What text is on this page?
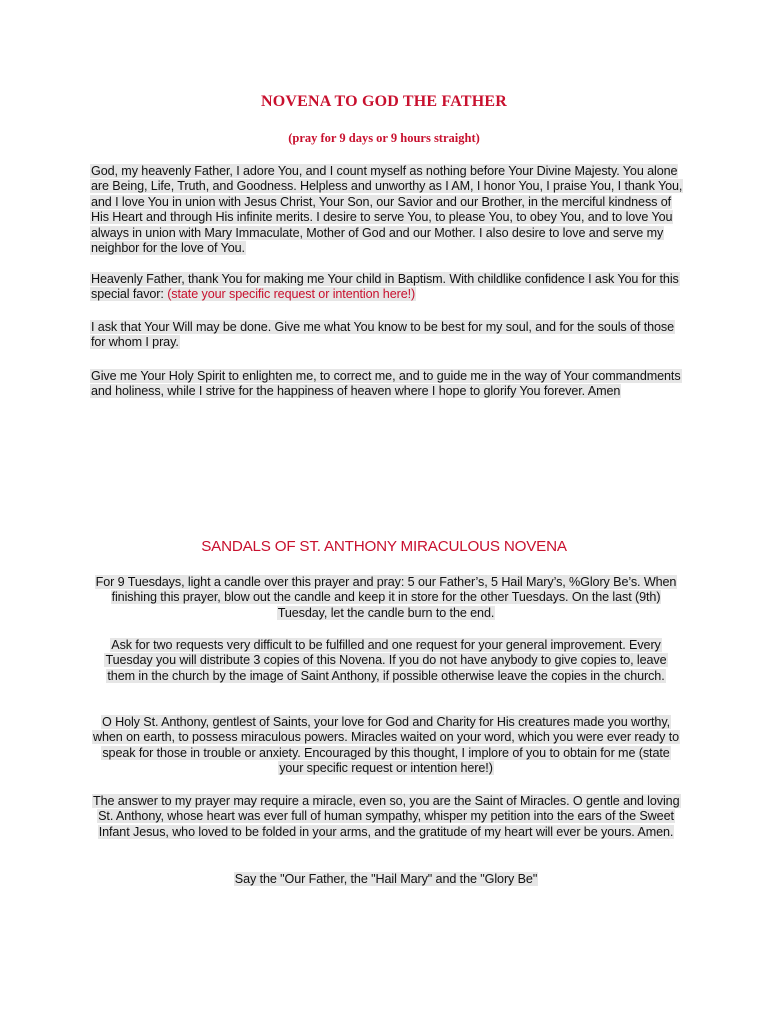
NOVENA TO GOD THE FATHER
(pray for 9 days or 9 hours straight)
God, my heavenly Father, I adore You, and I count myself as nothing before Your Divine Majesty. You alone are Being, Life, Truth, and Goodness. Helpless and unworthy as I AM, I honor You, I praise You, I thank You, and I love You in union with Jesus Christ, Your Son, our Savior and our Brother, in the merciful kindness of His Heart and through His infinite merits. I desire to serve You, to please You, to obey You, and to love You always in union with Mary Immaculate, Mother of God and our Mother. I also desire to love and serve my neighbor for the love of You.
Heavenly Father, thank You for making me Your child in Baptism. With childlike confidence I ask You for this special favor: (state your specific request or intention here!)
I ask that Your Will may be done. Give me what You know to be best for my soul, and for the souls of those for whom I pray.
Give me Your Holy Spirit to enlighten me, to correct me, and to guide me in the way of Your commandments and holiness, while I strive for the happiness of heaven where I hope to glorify You forever. Amen
SANDALS OF ST. ANTHONY MIRACULOUS NOVENA
For 9 Tuesdays, light a candle over this prayer and pray: 5 our Father’s, 5 Hail Mary’s, %Glory Be’s. When finishing this prayer, blow out the candle and keep it in store for the other Tuesdays. On the last (9th) Tuesday, let the candle burn to the end.
Ask for two requests very difficult to be fulfilled and one request for your general improvement. Every Tuesday you will distribute 3 copies of this Novena. If you do not have anybody to give copies to, leave them in the church by the image of Saint Anthony, if possible otherwise leave the copies in the church.
O Holy St. Anthony, gentlest of Saints, your love for God and Charity for His creatures made you worthy, when on earth, to possess miraculous powers. Miracles waited on your word, which you were ever ready to speak for those in trouble or anxiety. Encouraged by this thought, I implore of you to obtain for me (state your specific request or intention here!)
The answer to my prayer may require a miracle, even so, you are the Saint of Miracles. O gentle and loving St. Anthony, whose heart was ever full of human sympathy, whisper my petition into the ears of the Sweet Infant Jesus, who loved to be folded in your arms, and the gratitude of my heart will ever be yours. Amen.
Say the "Our Father, the "Hail Mary" and the "Glory Be"
